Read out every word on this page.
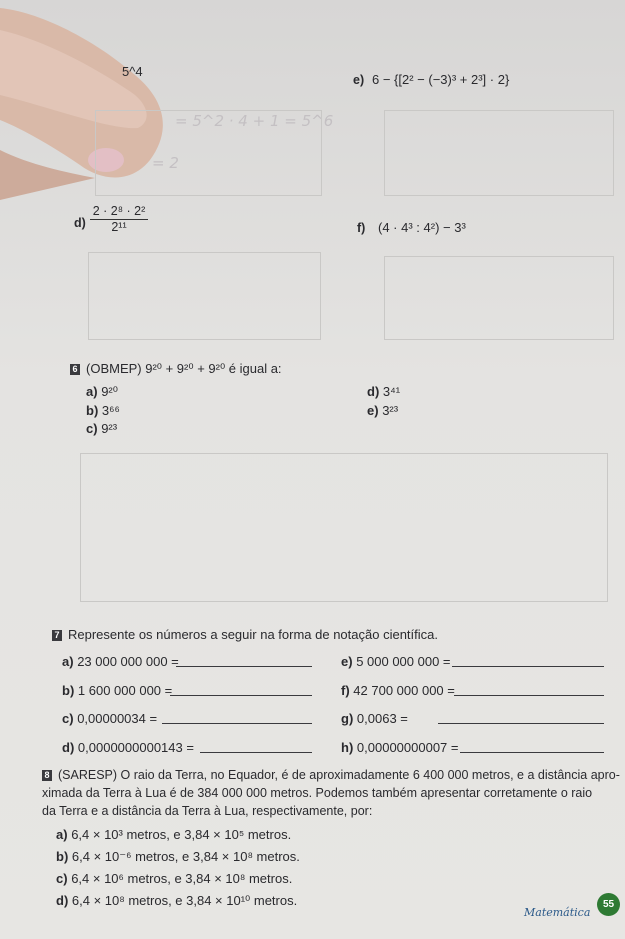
5^4
= 5^2 · 4 + 1 = 5^6
= 2
e) 6 − {[2² − (−3)³ + 2³] · 2}
$d) \frac{\text{2 · 2⁸ · 2²}}{\text{2¹¹}}$	f) (4 · 4³ : 4²) − 3³
6 (OBMEP) 9²⁰ + 9²⁰ + 9²⁰ é igual a:
a) 9²⁰
b) 3⁶⁶
c) 9²³
d) 3⁴¹
e) 3²³
7 Represente os números a seguir na forma de notação científica.
a) 23 000 000 000 =
b) 1 600 000 000 =
c) 0,00000034 =
d) 0,0000000000143 =
e) 5 000 000 000 =
f) 42 700 000 000 =
g) 0,0063 =
h) 0,00000000007 =
8 (SARESP) O raio da Terra, no Equador, é de aproximadamente 6 400 000 metros, e a distância apro-
ximada da Terra à Lua é de 384 000 000 metros. Podemos também apresentar corretamente o raio
da Terra e a distância da Terra à Lua, respectivamente, por:
a) 6,4 × 10³ metros, e 3,84 × 10⁵ metros.
b) 6,4 × 10⁻⁶ metros, e 3,84 × 10⁸ metros.
c) 6,4 × 10⁶ metros, e 3,84 × 10⁸ metros.
d) 6,4 × 10⁸ metros, e 3,84 × 10¹⁰ metros.
Matemática
55
